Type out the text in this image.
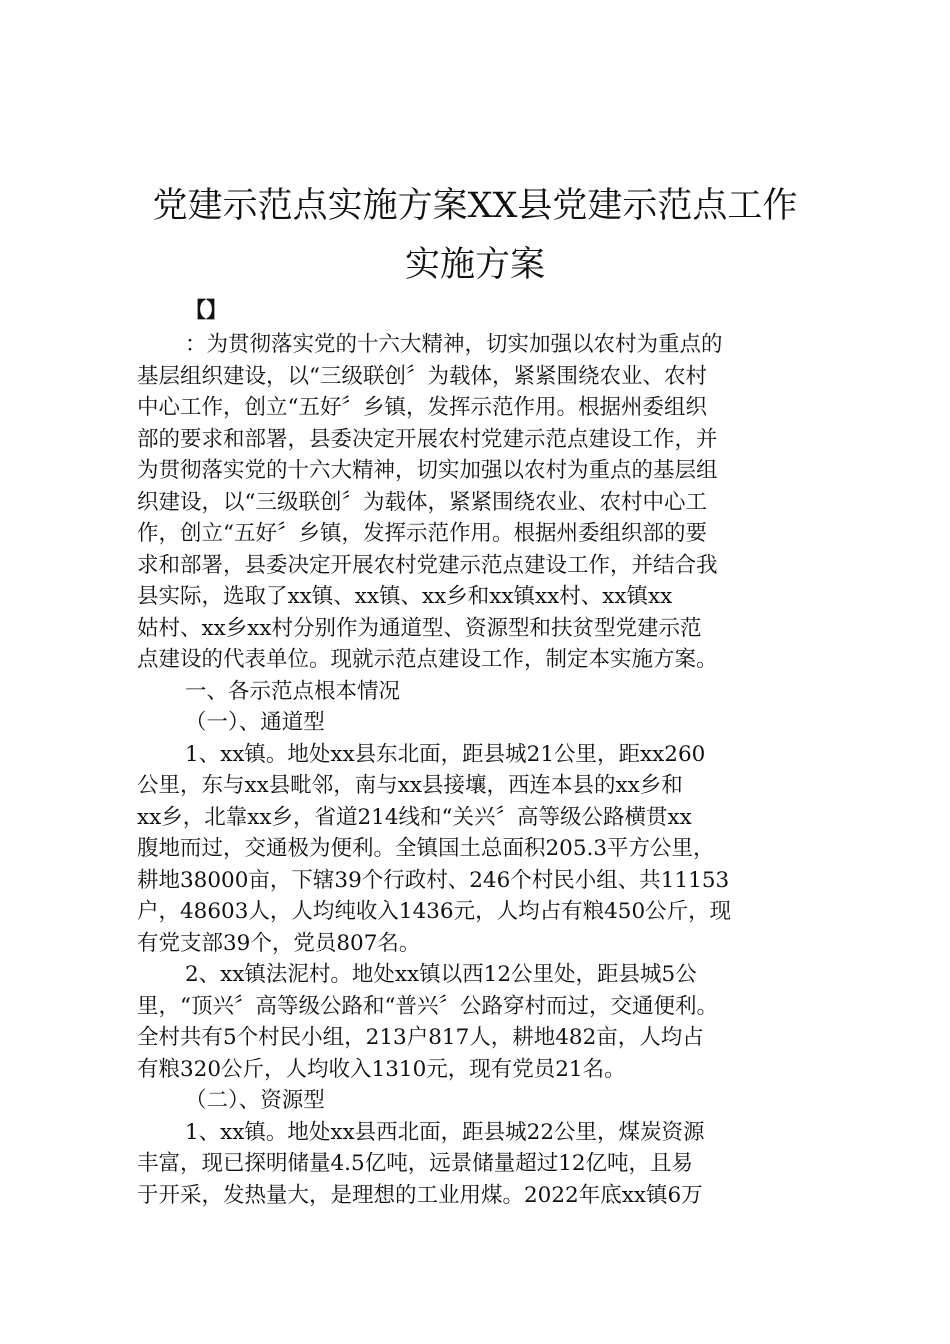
党建示范点实施方案XX县党建示范点工作
实施方案
【】
：为贯彻落实党的十六大精神，切实加强以农村为重点的
基层组织建设，以“三级联创〞为载体，紧紧围绕农业、农村
中心工作，创立“五好〞乡镇，发挥示范作用。根据州委组织
部的要求和部署，县委决定开展农村党建示范点建设工作，并
为贯彻落实党的十六大精神，切实加强以农村为重点的基层组
织建设，以“三级联创〞为载体，紧紧围绕农业、农村中心工
作，创立“五好〞乡镇，发挥示范作用。根据州委组织部的要
求和部署，县委决定开展农村党建示范点建设工作，并结合我
县实际，选取了xx镇、xx镇、xx乡和xx镇xx村、xx镇xx
姑村、xx乡xx村分别作为通道型、资源型和扶贫型党建示范
点建设的代表单位。现就示范点建设工作，制定本实施方案。
一、各示范点根本情况
（一）、通道型
1、xx镇。地处xx县东北面，距县城21公里，距xx260
公里，东与xx县毗邻，南与xx县接壤，西连本县的xx乡和
xx乡，北靠xx乡，省道214线和“关兴〞高等级公路横贯xx
腹地而过，交通极为便利。全镇国土总面积205.3平方公里，
耕地38000亩，下辖39个行政村、246个村民小组、共11153
户，48603人，人均纯收入1436元，人均占有粮450公斤，现
有党支部39个，党员807名。
2、xx镇法泥村。地处xx镇以西12公里处，距县城5公
里，“顶兴〞高等级公路和“普兴〞公路穿村而过，交通便利。
全村共有5个村民小组，213户817人，耕地482亩，人均占
有粮320公斤，人均收入1310元，现有党员21名。
（二）、资源型
1、xx镇。地处xx县西北面，距县城22公里，煤炭资源
丰富，现已探明储量4.5亿吨，远景储量超过12亿吨，且易
于开采，发热量大，是理想的工业用煤。2022年底xx镇6万
